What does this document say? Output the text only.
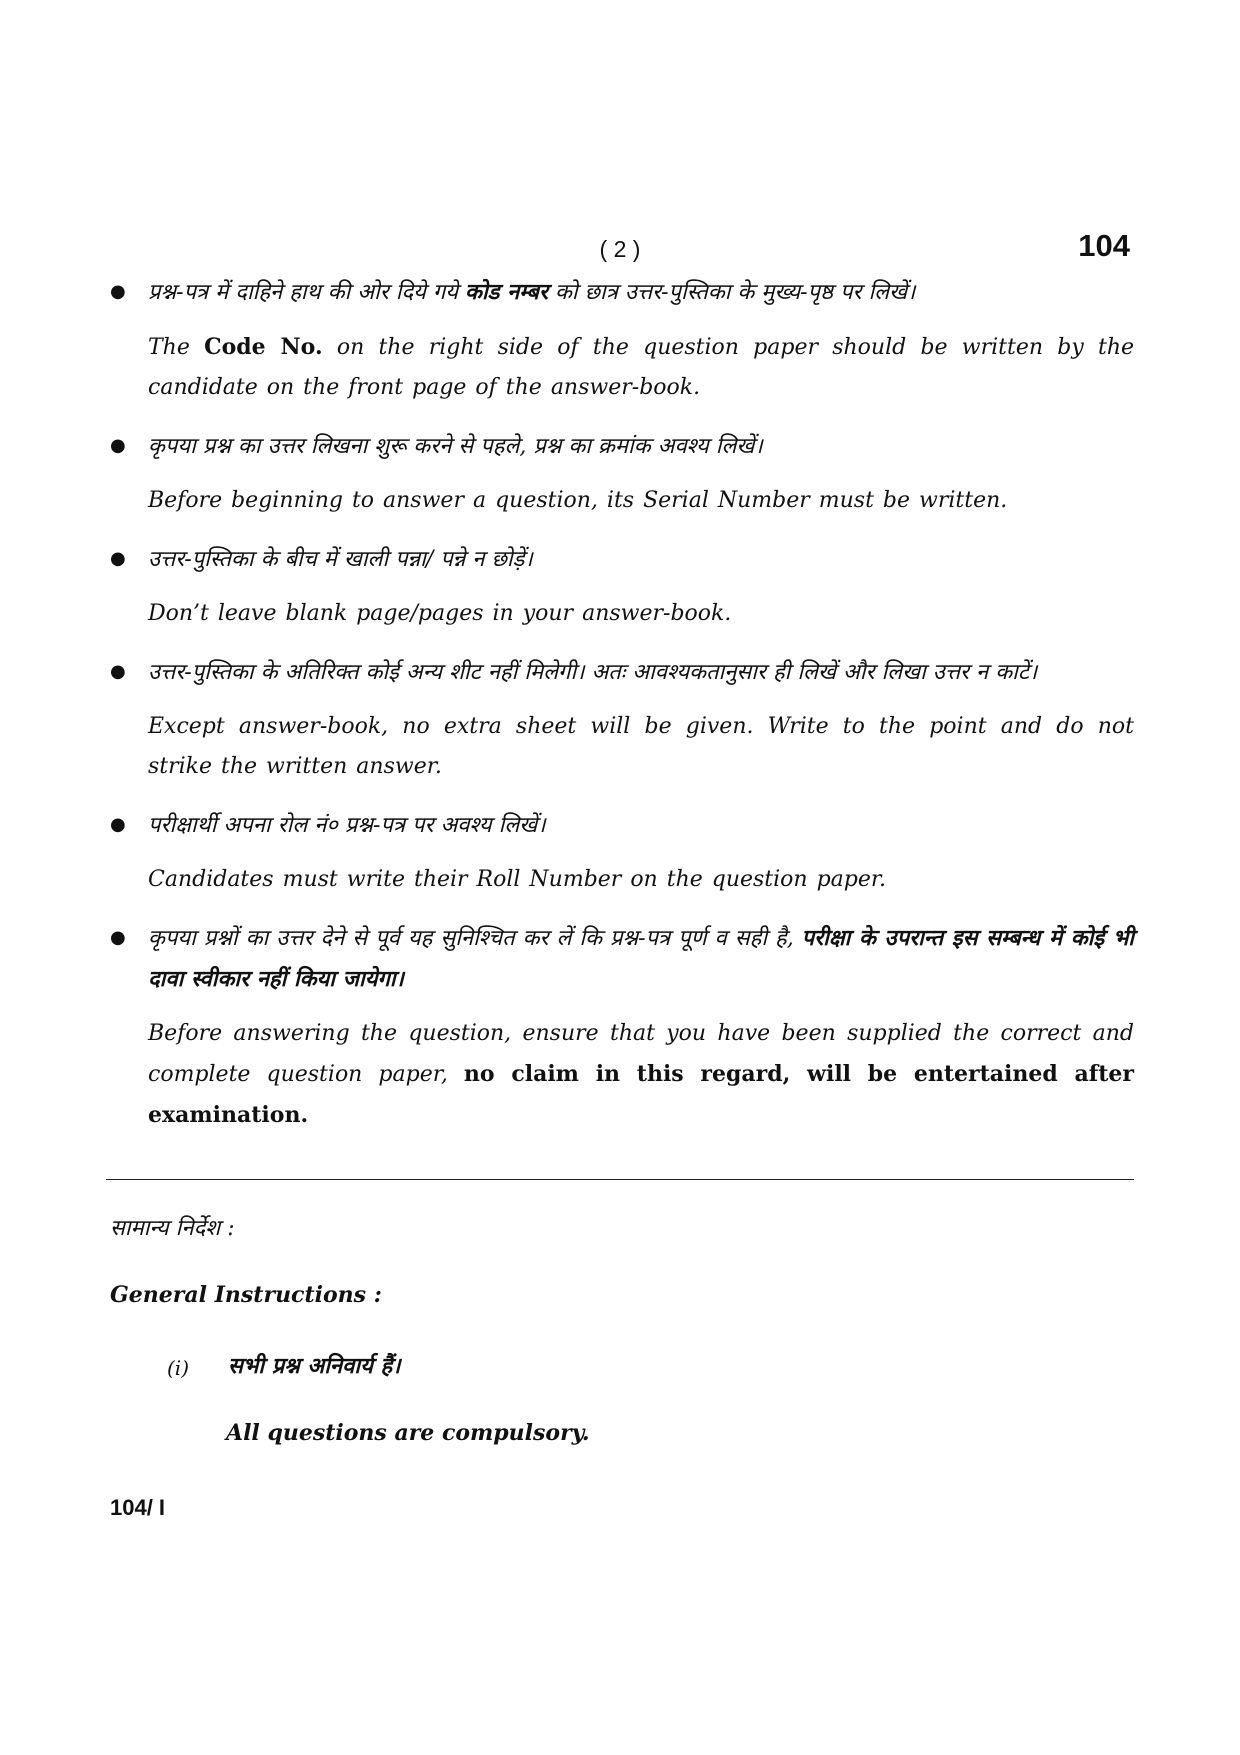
( 2 )	104
● प्रश्न-पत्र में दाहिने हाथ की ओर दिये गये कोड नम्बर को छात्र उत्तर-पुस्तिका के मुख्य-पृष्ठ पर लिखें।

The Code No. on the right side of the question paper should be written by the candidate on the front page of the answer-book.

● कृपया प्रश्न का उत्तर लिखना शुरू करने से पहले, प्रश्न का क्रमांक अवश्य लिखें।

Before beginning to answer a question, its Serial Number must be written.

● उत्तर-पुस्तिका के बीच में खाली पन्ना/ पन्ने न छोड़ें।

Don’t leave blank page/pages in your answer-book.

● उत्तर-पुस्तिका के अतिरिक्त कोई अन्य शीट नहीं मिलेगी। अतः आवश्यकतानुसार ही लिखें और लिखा उत्तर न काटें।

Except answer-book, no extra sheet will be given. Write to the point and do not strike the written answer.

● परीक्षार्थी अपना रोल नं० प्रश्न-पत्र पर अवश्य लिखें।

Candidates must write their Roll Number on the question paper.

● कृपया प्रश्नों का उत्तर देने से पूर्व यह सुनिश्चित कर लें कि प्रश्न-पत्र पूर्ण व सही है, परीक्षा के उपरान्त इस सम्बन्ध में कोई भी दावा स्वीकार नहीं किया जायेगा।

Before answering the question, ensure that you have been supplied the correct and complete question paper, no claim in this regard, will be entertained after examination.

सामान्य निर्देश :
General Instructions :
(i) सभी प्रश्न अनिवार्य हैं।
All questions are compulsory.
104/ I
